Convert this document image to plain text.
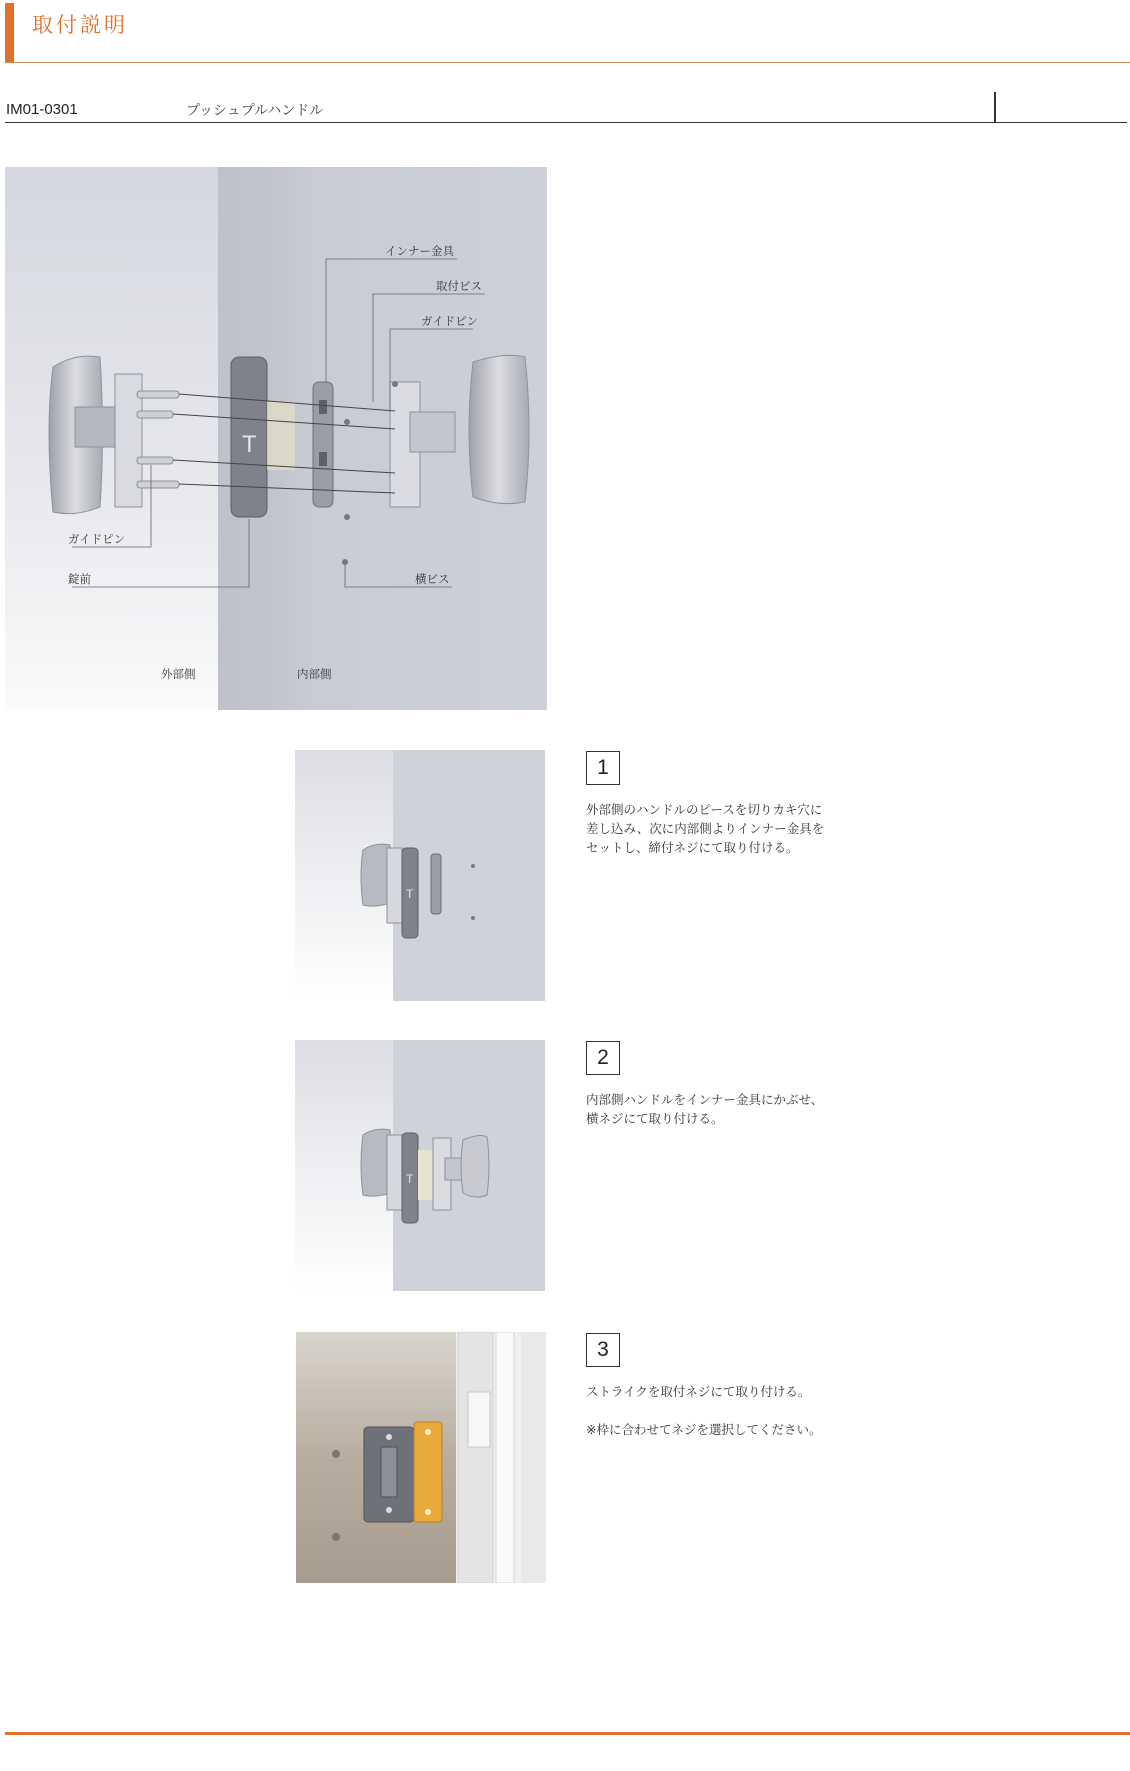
取付説明
IM01-0301	プッシュプルハンドル
T
インナー金具
取付ビス
ガイドピン
ガイドピン
錠前	横ビス
外部側	内部側
T
1
外部側のハンドルのピースを切りカキ穴に
差し込み、次に内部側よりインナー金具を
セットし、締付ネジにて取り付ける。
T
2
内部側ハンドルをインナー金具にかぶせ、
横ネジにて取り付ける。
3
ストライクを取付ネジにて取り付ける。
※枠に合わせてネジを選択してください。
